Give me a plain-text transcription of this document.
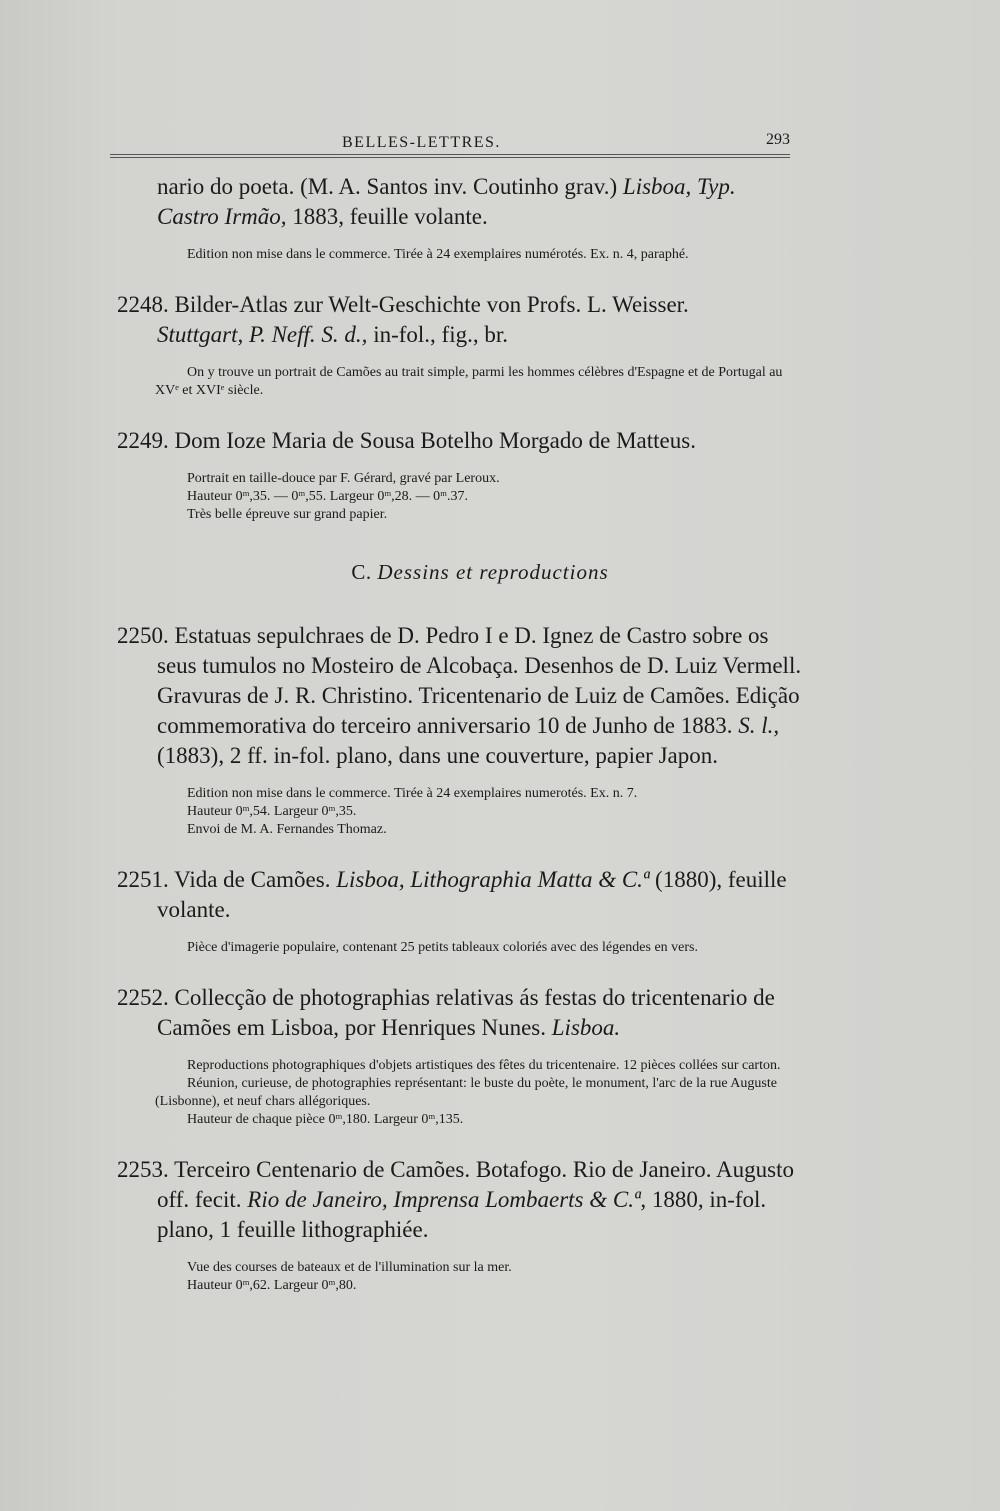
BELLES-LETTRES.	293

nario do poeta. (M. A. Santos inv. Coutinho grav.) Lisboa, Typ.
Castro Irmão, 1883, feuille volante.

Edition non mise dans le commerce. Tirée à 24 exemplaires numérotés. Ex. n. 4, paraphé.

2248. Bilder-Atlas zur Welt-Geschichte von Profs. L. Weisser.
Stuttgart, P. Neff. S. d., in-fol., fig., br.

On y trouve un portrait de Camões au trait simple, parmi les hommes célèbres d'Espagne et de Portugal au XVᵉ et XVIᵉ siècle.

2249. Dom Ioze Maria de Sousa Botelho Morgado de Matteus.

Portrait en taille-douce par F. Gérard, gravé par Leroux.

Hauteur 0ᵐ,35. — 0ᵐ,55. Largeur 0ᵐ,28. — 0ᵐ.37.

Très belle épreuve sur grand papier.

C. Dessins et reproductions

2250. Estatuas sepulchraes de D. Pedro I e D. Ignez de Castro sobre os seus tumulos no Mosteiro de Alcobaça. Desenhos de D. Luiz Vermell. Gravuras de J. R. Christino. Tricentenario de Luiz de Camões. Edição commemorativa do terceiro anniversario 10 de Junho de 1883. S. l., (1883), 2 ff. in-fol. plano, dans une couverture, papier Japon.

Edition non mise dans le commerce. Tirée à 24 exemplaires numerotés. Ex. n. 7.

Hauteur 0ᵐ,54. Largeur 0ᵐ,35.

Envoi de M. A. Fernandes Thomaz.

2251. Vida de Camões. Lisboa, Lithographia Matta & C.ª (1880), feuille volante.

Pièce d'imagerie populaire, contenant 25 petits tableaux coloriés avec des légendes en vers.

2252. Collecção de photographias relativas ás festas do tricentenario de Camões em Lisboa, por Henriques Nunes. Lisboa.

Reproductions photographiques d'objets artistiques des fêtes du tricentenaire. 12 pièces collées sur carton.

Réunion, curieuse, de photographies représentant: le buste du poète, le monument, l'arc de la rue Auguste (Lisbonne), et neuf chars allégoriques.

Hauteur de chaque pièce 0ᵐ,180. Largeur 0ᵐ,135.

2253. Terceiro Centenario de Camões. Botafogo. Rio de Janeiro. Augusto off. fecit. Rio de Janeiro, Imprensa Lombaerts & C.ª, 1880, in-fol. plano, 1 feuille lithographiée.

Vue des courses de bateaux et de l'illumination sur la mer.

Hauteur 0ᵐ,62. Largeur 0ᵐ,80.
